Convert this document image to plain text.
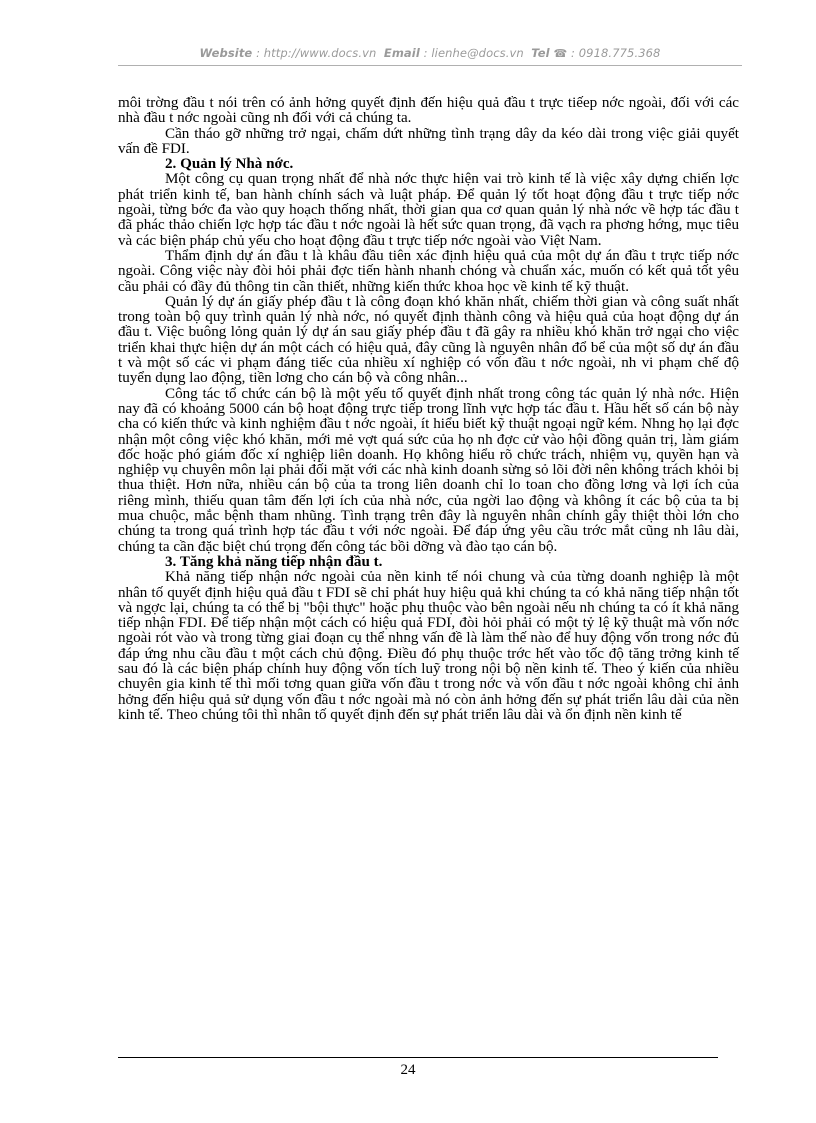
Website : http://www.docs.vn Email : lienhe@docs.vn Tel ☎ : 0918.775.368

môi trờng đầu t nói trên có ảnh hởng quyết định đến hiệu quả đầu t trực tiếep nớc ngoài, đối với các nhà đầu t nớc ngoài cũng nh đối với cả chúng ta.

Cần tháo gỡ những trở ngại, chấm dứt những tình trạng dây da kéo dài trong việc giải quyết vấn đề FDI.

2. Quản lý Nhà nớc.

Một công cụ quan trọng nhất để nhà nớc thực hiện vai trò kinh tế là việc xây dựng chiến lợc phát triển kinh tế, ban hành chính sách và luật pháp. Để quản lý tốt hoạt động đầu t trực tiếp nớc ngoài, từng bớc đa vào quy hoạch thống nhất, thời gian qua cơ quan quản lý nhà nớc về hợp tác đầu t đã phác thảo chiến lợc hợp tác đầu t nớc ngoài là hết sức quan trọng, đã vạch ra phơng hớng, mục tiêu và các biện pháp chủ yếu cho hoạt động đầu t trực tiếp nớc ngoài vào Việt Nam.

Thẩm định dự án đầu t là khâu đầu tiên xác định hiệu quả của một dự án đầu t trực tiếp nớc ngoài. Công việc này đòi hỏi phải đợc tiến hành nhanh chóng và chuẩn xác, muốn có kết quả tốt yêu cầu phải có đầy đủ thông tin cần thiết, những kiến thức khoa học về kinh tế kỹ thuật.

Quản lý dự án giấy phép đầu t là công đoạn khó khăn nhất, chiếm thời gian và công suất nhất trong toàn bộ quy trình quản lý nhà nớc, nó quyết định thành công và hiệu quả của hoạt động dự án đầu t. Việc buông lỏng quản lý dự án sau giấy phép đầu t đã gây ra nhiều khó khăn trở ngại cho việc triển khai thực hiện dự án một cách có hiệu quả, đây cũng là nguyên nhân đổ bể của một số dự án đầu t và một số các vi phạm đáng tiếc của nhiều xí nghiệp có vốn đầu t nớc ngoài, nh vi phạm chế độ tuyển dụng lao động, tiền lơng cho cán bộ và công nhân...

Công tác tổ chức cán bộ là một yếu tố quyết định nhất trong công tác quản lý nhà nớc. Hiện nay đã có khoảng 5000 cán bộ hoạt động trực tiếp trong lĩnh vực hợp tác đầu t. Hầu hết số cán bộ này cha có kiến thức và kinh nghiệm đầu t nớc ngoài, ít hiểu biết kỹ thuật ngoại ngữ kém. Nhng họ lại đợc nhận một công việc khó khăn, mới mẻ vợt quá sức của họ nh đợc cử vào hội đồng quản trị, làm giám đốc hoặc phó giám đốc xí nghiệp liên doanh. Họ không hiểu rõ chức trách, nhiệm vụ, quyền hạn và nghiệp vụ chuyên môn lại phải đối mặt với các nhà kinh doanh sừng sỏ lõi đời nên không trách khỏi bị thua thiệt. Hơn nữa, nhiều cán bộ của ta trong liên doanh chỉ lo toan cho đồng lơng và lợi ích của riêng mình, thiếu quan tâm đến lợi ích của nhà nớc, của ngời lao động và không ít các bộ của ta bị mua chuộc, mắc bệnh tham nhũng. Tình trạng trên đây là nguyên nhân chính gây thiệt thòi lớn cho chúng ta trong quá trình hợp tác đầu t với nớc ngoài. Để đáp ứng yêu cầu trớc mắt cũng nh lâu dài, chúng ta cần đặc biệt chú trọng đến công tác bồi dỡng và đào tạo cán bộ.

3. Tăng khả năng tiếp nhận đầu t.

Khả năng tiếp nhận nớc ngoài của nền kinh tế nói chung và của từng doanh nghiệp là một nhân tố quyết định hiệu quả đầu t FDI sẽ chỉ phát huy hiệu quả khi chúng ta có khả năng tiếp nhận tốt và ngợc lại, chúng ta có thể bị "bội thực" hoặc phụ thuộc vào bên ngoài nếu nh chúng ta có ít khả năng tiếp nhận FDI. Để tiếp nhận một cách có hiệu quả FDI, đòi hỏi phải có một tỷ lệ kỹ thuật mà vốn nớc ngoài rót vào và trong từng giai đoạn cụ thể nhng vấn đề là làm thế nào để huy động vốn trong nớc đủ đáp ứng nhu cầu đầu t một cách chủ động. Điều đó phụ thuộc trớc hết vào tốc độ tăng trởng kinh tế sau đó là các biện pháp chính huy động vốn tích luỹ trong nội bộ nền kinh tế. Theo ý kiến của nhiều chuyên gia kinh tế thì mối tơng quan giữa vốn đầu t trong nớc và vốn đầu t nớc ngoài không chỉ ảnh hởng đến hiệu quả sử dụng vốn đầu t nớc ngoài mà nó còn ảnh hởng đến sự phát triển lâu dài của nền kinh tế. Theo chúng tôi thì nhân tố quyết định đến sự phát triển lâu dài và ổn định nền kinh tế

24
